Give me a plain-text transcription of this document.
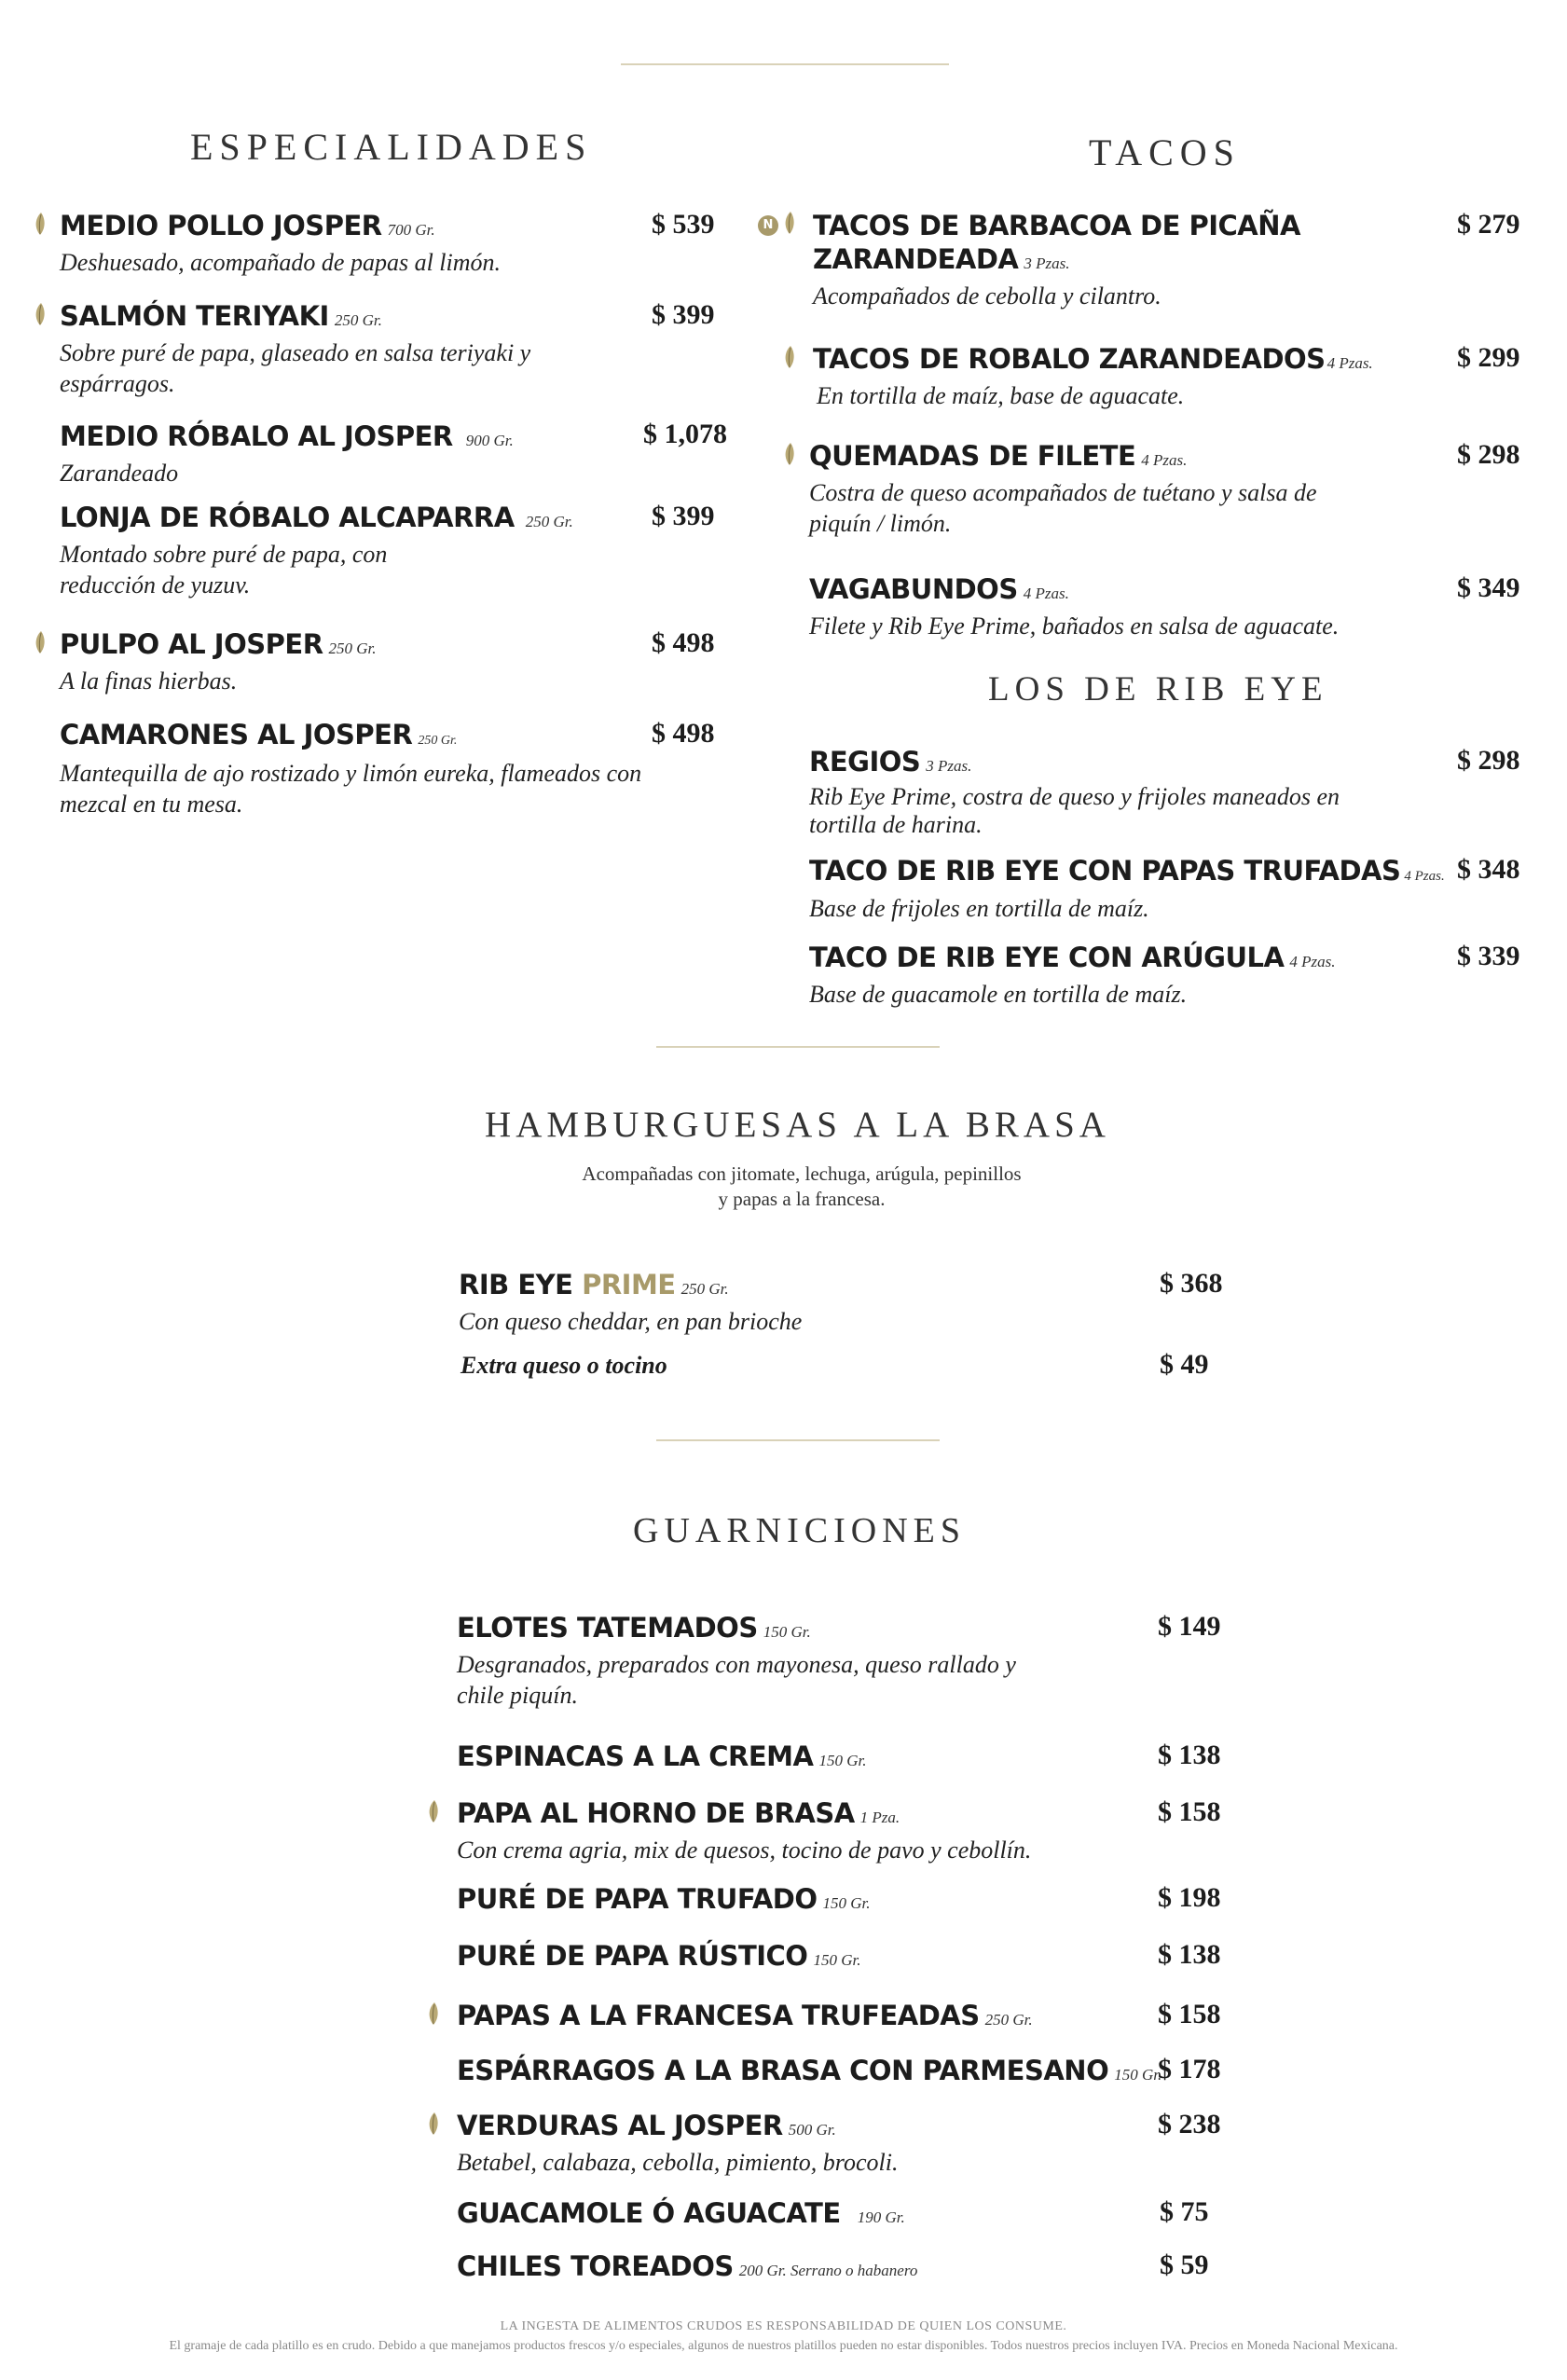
ESPECIALIDADES
MEDIO POLLO JOSPER 700 Gr.
Deshuesado, acompañado de papas al limón.
$ 539
SALMÓN TERIYAKI 250 Gr.
Sobre puré de papa, glaseado en salsa teriyaki y espárragos.
$ 399
MEDIO RÓBALO AL JOSPER 900 Gr.
Zarandeado
$ 1,078
LONJA DE RÓBALO ALCAPARRA 250 Gr.
Montado sobre puré de papa, con reducción de yuzuv.
$ 399
PULPO AL JOSPER 250 Gr.
A la finas hierbas.
$ 498
CAMARONES AL JOSPER 250 Gr.
Mantequilla de ajo rostizado y limón eureka, flameados con mezcal en tu mesa.
$ 498
TACOS
N TACOS DE BARBACOA DE PICAÑA ZARANDEADA 3 Pzas.
Acompañados de cebolla y cilantro.
$ 279
TACOS DE ROBALO ZARANDEADOS 4 Pzas.
En tortilla de maíz, base de aguacate.
$ 299
QUEMADAS DE FILETE 4 Pzas.
Costra de queso acompañados de tuétano y salsa de piquín / limón.
$ 298
VAGABUNDOS 4 Pzas.
Filete y Rib Eye Prime, bañados en salsa de aguacate.
$ 349
LOS DE RIB EYE
REGIOS 3 Pzas.
Rib Eye Prime, costra de queso y frijoles maneados en tortilla de harina.
$ 298
TACO DE RIB EYE CON PAPAS TRUFADAS 4 Pzas.
Base de frijoles en tortilla de maíz.
$ 348
TACO DE RIB EYE CON ARÚGULA 4 Pzas.
Base de guacamole en tortilla de maíz.
$ 339
HAMBURGUESAS A LA BRASA
Acompañadas con jitomate, lechuga, arúgula, pepinillos
y papas a la francesa.
RIB EYE PRIME 250 Gr.
Con queso cheddar, en pan brioche
$ 368
Extra queso o tocino	$ 49
GUARNICIONES
ELOTES TATEMADOS 150 Gr.
Desgranados, preparados con mayonesa, queso rallado y chile piquín.
$ 149
ESPINACAS A LA CREMA 150 Gr.	$ 138
PAPA AL HORNO DE BRASA 1 Pza.
Con crema agria, mix de quesos, tocino de pavo y cebollín.
$ 158
PURÉ DE PAPA TRUFADO 150 Gr.	$ 198
PURÉ DE PAPA RÚSTICO 150 Gr.	$ 138
PAPAS A LA FRANCESA TRUFEADAS 250 Gr.	$ 158
ESPÁRRAGOS A LA BRASA CON PARMESANO 150 Gr.
$ 178
VERDURAS AL JOSPER 500 Gr.
Betabel, calabaza, cebolla, pimiento, brocoli.
$ 238
GUACAMOLE Ó AGUACATE 190 Gr.	$ 75
CHILES TOREADOS 200 Gr. Serrano o habanero	$ 59
LA INGESTA DE ALIMENTOS CRUDOS ES RESPONSABILIDAD DE QUIEN LOS CONSUME.
El gramaje de cada platillo es en crudo. Debido a que manejamos productos frescos y/o especiales, algunos de nuestros platillos pueden no estar disponibles. Todos nuestros precios incluyen IVA. Precios en Moneda Nacional Mexicana.
